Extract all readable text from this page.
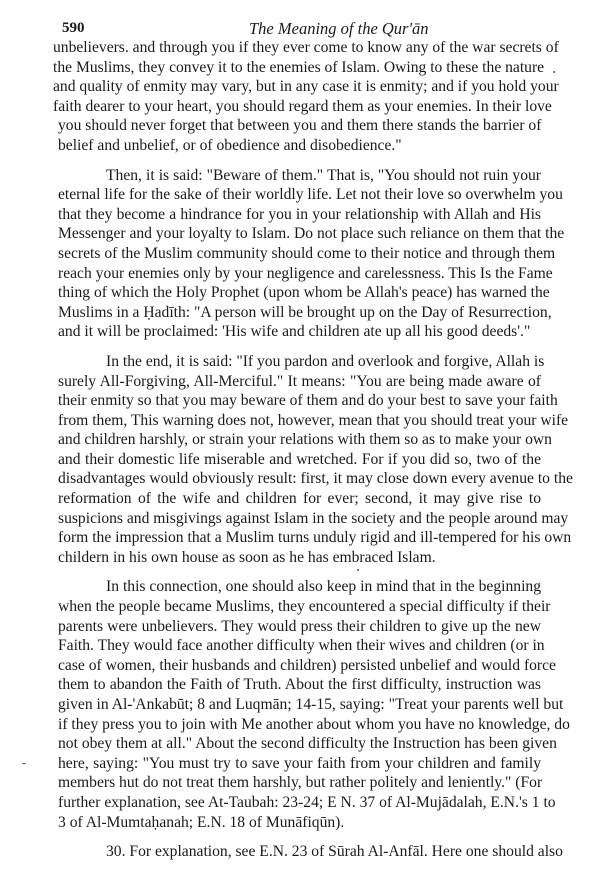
590	The Meaning of the Qur'ān
unbelievers. and through you if they ever come to know any of the war secrets of
the Muslims, they convey it to the enemies of Islam. Owing to these the nature
and quality of enmity may vary, but in any case it is enmity; and if you hold your
faith dearer to your heart, you should regard them as your enemies. In their love
you should never forget that between you and them there stands the barrier of
belief and unbelief, or of obedience and disobedience."
Then, it is said: "Beware of them." That is, "You should not ruin your
eternal life for the sake of their worldly life. Let not their love so overwhelm you
that they become a hindrance for you in your relationship with Allah and His
Messenger and your loyalty to Islam. Do not place such reliance on them that the
secrets of the Muslim community should come to their notice and through them
reach your enemies only by your negligence and carelessness. This Is the Fame
thing of which the Holy Prophet (upon whom be Allah's peace) has warned the
Muslims in a Ḥadīth: "A person will be brought up on the Day of Resurrection,
and it will be proclaimed: 'His wife and children ate up all his good deeds'."
In the end, it is said: "If you pardon and overlook and forgive, Allah is
surely All-Forgiving, All-Merciful." It means: "You are being made aware of
their enmity so that you may beware of them and do your best to save your faith
from them, This warning does not, however, mean that you should treat your wife
and children harshly, or strain your relations with them so as to make your own
and their domestic life miserable and wretched. For if you did so, two of the
disadvantages would obviously result: first, it may close down every avenue to the
reformation of the wife and children for ever; second, it may give rise to
suspicions and misgivings against Islam in the society and the people around may
form the impression that a Muslim turns unduly rigid and ill-tempered for his own
childern in his own house as soon as he has embraced Islam.
In this connection, one should also keep in mind that in the beginning
when the people became Muslims, they encountered a special difficulty if their
parents were unbelievers. They would press their children to give up the new
Faith. They would face another difficulty when their wives and children (or in
case of women, their husbands and children) persisted unbelief and would force
them to abandon the Faith of Truth. About the first difficulty, instruction was
given in Al-'Ankabūt; 8 and Luqmān; 14-15, saying: "Treat your parents well but
if they press you to join with Me another about whom you have no knowledge, do
not obey them at all." About the second difficulty the Instruction has been given
here, saying: "You must try to save your faith from your children and family
members hut do not treat them harshly, but rather politely and leniently." (For
further explanation, see At-Taubah: 23-24; E N. 37 of Al-Mujādalah, E.N.'s 1 to
3 of Al-Mumtaḥanah; E.N. 18 of Munāfiqūn).
30. For explanation, see E.N. 23 of Sūrah Al-Anfāl. Here one should also
